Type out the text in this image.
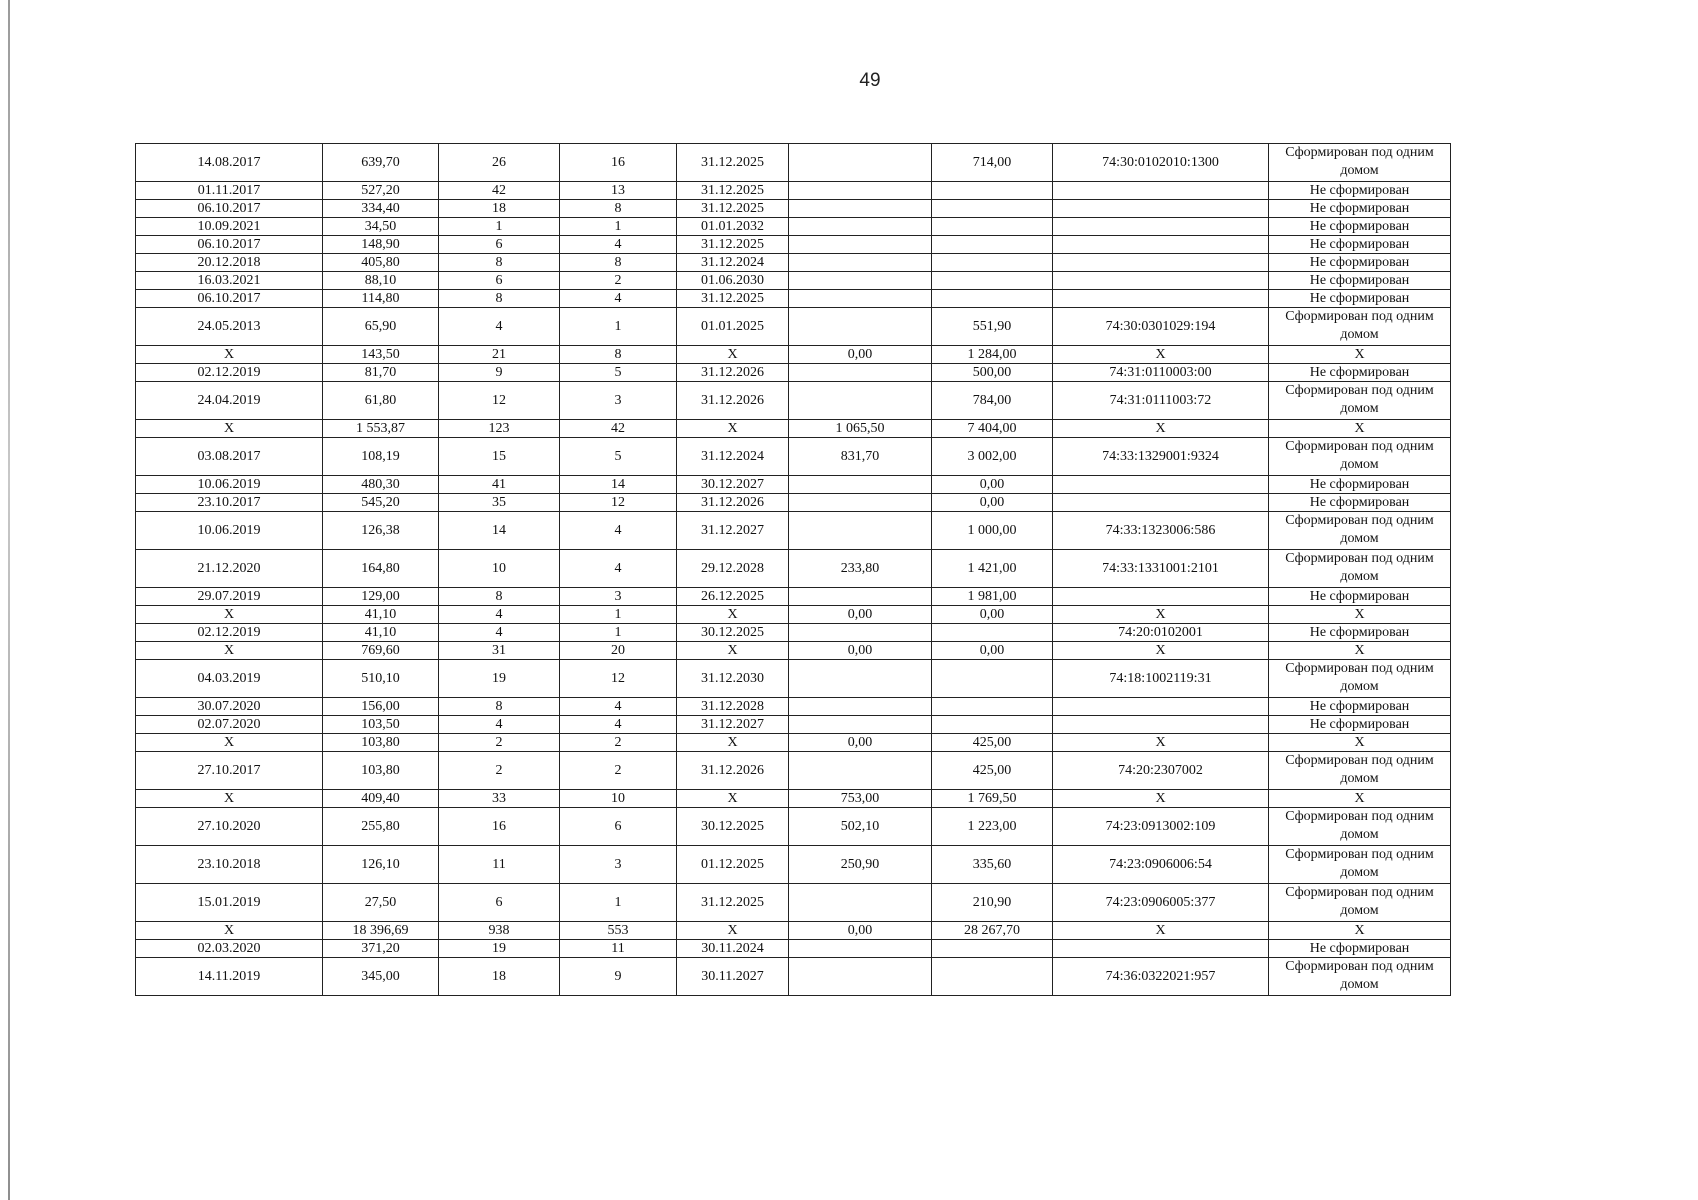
49
14.08.2017	639,70	26	16	31.12.2025		714,00	74:30:0102010:1300	Сформирован под одним домом
01.11.2017	527,20	42	13	31.12.2025				Не сформирован
06.10.2017	334,40	18	8	31.12.2025				Не сформирован
10.09.2021	34,50	1	1	01.01.2032				Не сформирован
06.10.2017	148,90	6	4	31.12.2025				Не сформирован
20.12.2018	405,80	8	8	31.12.2024				Не сформирован
16.03.2021	88,10	6	2	01.06.2030				Не сформирован
06.10.2017	114,80	8	4	31.12.2025				Не сформирован
24.05.2013	65,90	4	1	01.01.2025		551,90	74:30:0301029:194	Сформирован под одним домом
X	143,50	21	8	X	0,00	1 284,00	X	X
02.12.2019	81,70	9	5	31.12.2026		500,00	74:31:0110003:00	Не сформирован
24.04.2019	61,80	12	3	31.12.2026		784,00	74:31:0111003:72	Сформирован под одним домом
X	1 553,87	123	42	X	1 065,50	7 404,00	X	X
03.08.2017	108,19	15	5	31.12.2024	831,70	3 002,00	74:33:1329001:9324	Сформирован под одним домом
10.06.2019	480,30	41	14	30.12.2027		0,00		Не сформирован
23.10.2017	545,20	35	12	31.12.2026		0,00		Не сформирован
10.06.2019	126,38	14	4	31.12.2027		1 000,00	74:33:1323006:586	Сформирован под одним домом
21.12.2020	164,80	10	4	29.12.2028	233,80	1 421,00	74:33:1331001:2101	Сформирован под одним домом
29.07.2019	129,00	8	3	26.12.2025		1 981,00		Не сформирован
X	41,10	4	1	X	0,00	0,00	X	X
02.12.2019	41,10	4	1	30.12.2025			74:20:0102001	Не сформирован
X	769,60	31	20	X	0,00	0,00	X	X
04.03.2019	510,10	19	12	31.12.2030			74:18:1002119:31	Сформирован под одним домом
30.07.2020	156,00	8	4	31.12.2028				Не сформирован
02.07.2020	103,50	4	4	31.12.2027				Не сформирован
X	103,80	2	2	X	0,00	425,00	X	X
27.10.2017	103,80	2	2	31.12.2026		425,00	74:20:2307002	Сформирован под одним домом
X	409,40	33	10	X	753,00	1 769,50	X	X
27.10.2020	255,80	16	6	30.12.2025	502,10	1 223,00	74:23:0913002:109	Сформирован под одним домом
23.10.2018	126,10	11	3	01.12.2025	250,90	335,60	74:23:0906006:54	Сформирован под одним домом
15.01.2019	27,50	6	1	31.12.2025		210,90	74:23:0906005:377	Сформирован под одним домом
X	18 396,69	938	553	X	0,00	28 267,70	X	X
02.03.2020	371,20	19	11	30.11.2024				Не сформирован
14.11.2019	345,00	18	9	30.11.2027			74:36:0322021:957	Сформирован под одним домом
